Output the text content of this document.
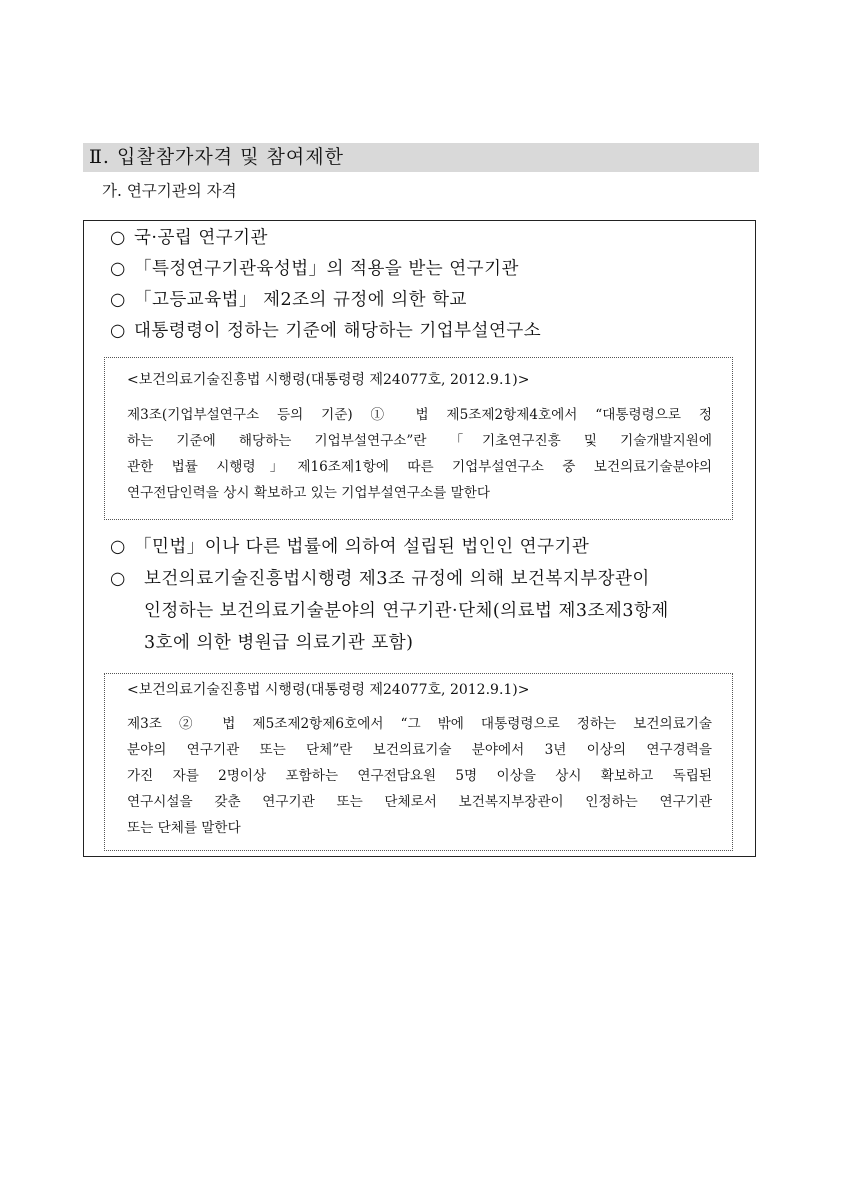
Ⅱ. 입찰참가자격 및 참여제한
가. 연구기관의 자격
○ 국·공립 연구기관
○ 「특정연구기관육성법」의 적용을 받는 연구기관
○ 「고등교육법」 제2조의 규정에 의한 학교
○ 대통령령이 정하는 기준에 해당하는 기업부설연구소
<보건의료기술진흥법 시행령(대통령령 제24077호, 2012.9.1)>
제3조(기업부설연구소 등의 기준) ① 법 제5조제2항제4호에서 “대통령령으로 정
하는 기준에 해당하는 기업부설연구소”란 「기초연구진흥 및 기술개발지원에
관한 법률 시행령」제16조제1항에 따른 기업부설연구소 중 보건의료기술분야의
연구전담인력을 상시 확보하고 있는 기업부설연구소를 말한다
○ 「민법」이나 다른 법률에 의하여 설립된 법인인 연구기관
○ 보건의료기술진흥법시행령 제3조 규정에 의해 보건복지부장관이
인정하는 보건의료기술분야의 연구기관·단체(의료법 제3조제3항제
3호에 의한 병원급 의료기관 포함)
<보건의료기술진흥법 시행령(대통령령 제24077호, 2012.9.1)>
제3조 ② 법 제5조제2항제6호에서 “그 밖에 대통령령으로 정하는 보건의료기술
분야의 연구기관 또는 단체”란 보건의료기술 분야에서 3년 이상의 연구경력을
가진 자를 2명이상 포함하는 연구전담요원 5명 이상을 상시 확보하고 독립된
연구시설을 갖춘 연구기관 또는 단체로서 보건복지부장관이 인정하는 연구기관
또는 단체를 말한다
